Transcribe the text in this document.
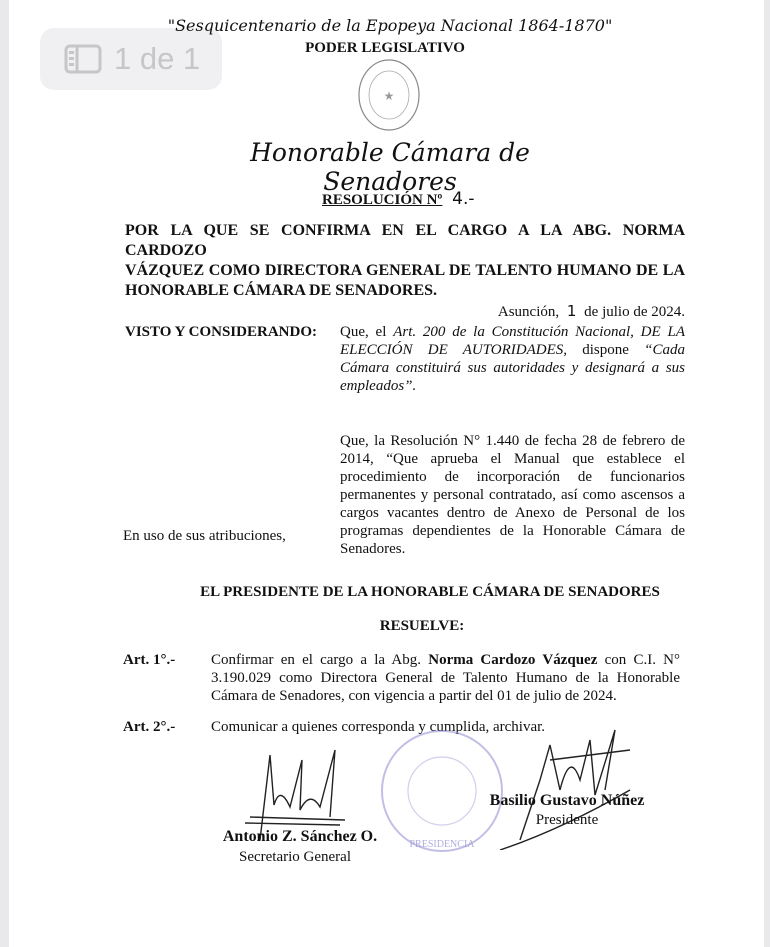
1 de 1
"Sesquicentenario de la Epopeya Nacional 1864-1870"
PODER LEGISLATIVO
★
Honorable Cámara de Senadores
RESOLUCIÓN Nº 4.-
POR LA QUE SE CONFIRMA EN EL CARGO A LA ABG. NORMA CARDOZO
VÁZQUEZ COMO DIRECTORA GENERAL DE TALENTO HUMANO DE LA
HONORABLE CÁMARA DE SENADORES.
Asunción, 1 de julio de 2024.
VISTO Y CONSIDERANDO: Que, el Art. 200 de la Constitución Nacional, DE LA ELECCIÓN DE AUTORIDADES, dispone “Cada Cámara constituirá sus autoridades y designará a sus empleados”.
Que, la Resolución N° 1.440 de fecha 28 de febrero de 2014, “Que aprueba el Manual que establece el procedimiento de incorporación de funcionarios permanentes y personal contratado, así como ascensos a cargos vacantes dentro de Anexo de Personal de los programas dependientes de la Honorable Cámara de Senadores.
En uso de sus atribuciones,
EL PRESIDENTE DE LA HONORABLE CÁMARA DE SENADORES
RESUELVE:
Art. 1°.- Confirmar en el cargo a la Abg. Norma Cardozo Vázquez con C.I. N° 3.190.029 como Directora General de Talento Humano de la Honorable Cámara de Senadores, con vigencia a partir del 01 de julio de 2024.
Art. 2°.- Comunicar a quienes corresponda y cumplida, archivar.
PRESIDENCIA
Antonio Z. Sánchez O.
Secretario General
Basilio Gustavo Núñez
Presidente
